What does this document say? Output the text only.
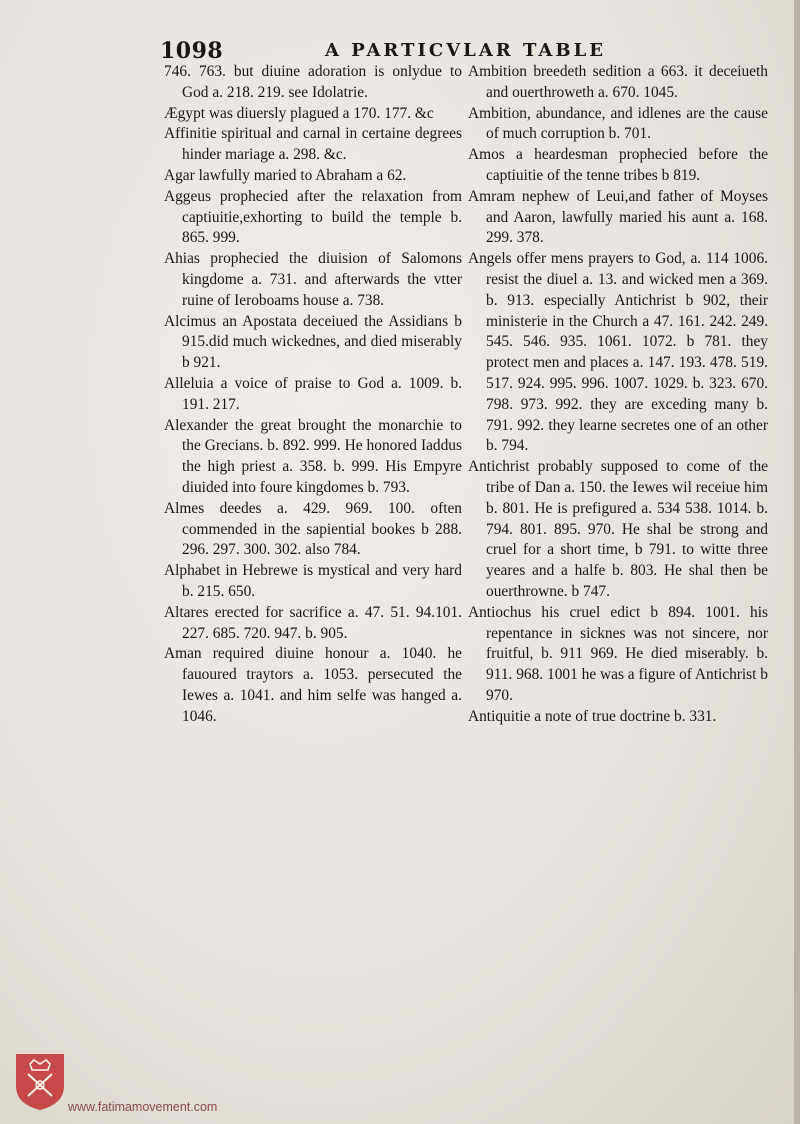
1098	A PARTICVLAR TABLE

746. 763. but diuine adoration is onlydue to God a. 218. 219. see Idolatrie.

Ægypt was diuersly plagued a 170. 177. &c

Affinitie spiritual and carnal in certaine degrees hinder mariage a. 298. &c.

Agar lawfully maried to Abraham a 62.

Aggeus prophecied after the relaxation from captiuitie,exhorting to build the temple b. 865. 999.

Ahias prophecied the diuision of Salomons kingdome a. 731. and afterwards the vtter ruine of Ieroboams house a. 738.

Alcimus an Apostata deceiued the Assidians b 915.did much wickednes, and died miserably b 921.

Alleluia a voice of praise to God a. 1009. b. 191. 217.

Alexander the great brought the monarchie to the Grecians. b. 892. 999. He honored Iaddus the high priest a. 358. b. 999. His Empyre diuided into foure kingdomes b. 793.

Almes deedes a. 429. 969. 100. often commended in the sapiential bookes b 288. 296. 297. 300. 302. also 784.

Alphabet in Hebrewe is mystical and very hard b. 215. 650.

Altares erected for sacrifice a. 47. 51. 94.101. 227. 685. 720. 947. b. 905.

Aman required diuine honour a. 1040. he fauoured traytors a. 1053. persecuted the Iewes a. 1041. and him selfe was hanged a. 1046.

Ambition breedeth sedition a 663. it deceiueth and ouerthroweth a. 670. 1045.

Ambition, abundance, and idlenes are the cause of much corruption b. 701.

Amos a heardesman prophecied before the captiuitie of the tenne tribes b 819.

Amram nephew of Leui,and father of Moyses and Aaron, lawfully maried his aunt a. 168. 299. 378.

Angels offer mens prayers to God, a. 114 1006. resist the diuel a. 13. and wicked men a 369. b. 913. especially Antichrist b 902, their ministerie in the Church a 47. 161. 242. 249. 545. 546. 935. 1061. 1072. b 781. they protect men and places a. 147. 193. 478. 519. 517. 924. 995. 996. 1007. 1029. b. 323. 670. 798. 973. 992. they are exceding many b. 791. 992. they learne secretes one of an other b. 794.

Antichrist probably supposed to come of the tribe of Dan a. 150. the Iewes wil receiue him b. 801. He is prefigured a. 534 538. 1014. b. 794. 801. 895. 970. He shal be strong and cruel for a short time, b 791. to witte three yeares and a halfe b. 803. He shal then be ouerthrowne. b 747.

Antiochus his cruel edict b 894. 1001. his repentance in sicknes was not sincere, nor fruitful, b. 911 969. He died miserably. b. 911. 968. 1001 he was a figure of Antichrist b 970.

Antiquitie a note of true doctrine b. 331.

www.fatimamovement.com
